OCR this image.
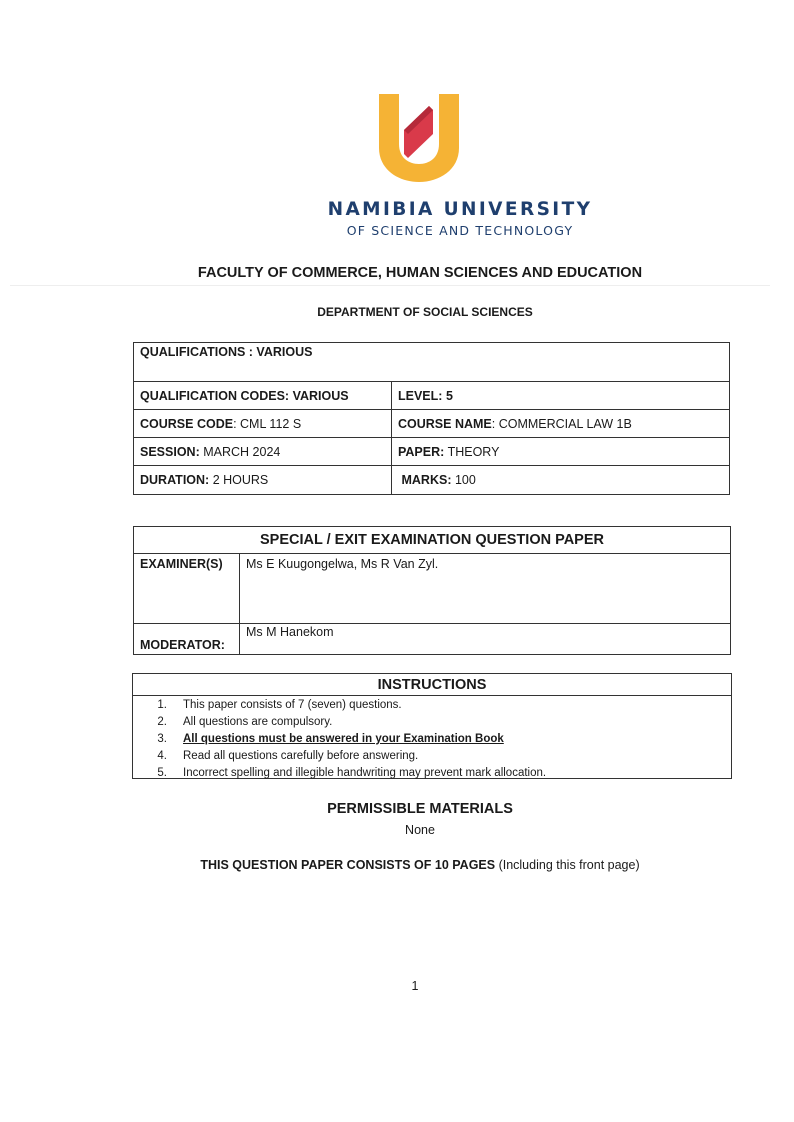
NAMIBIA UNIVERSITY
OF SCIENCE AND TECHNOLOGY
FACULTY OF COMMERCE, HUMAN SCIENCES AND EDUCATION
DEPARTMENT OF SOCIAL SCIENCES
QUALIFICATIONS : VARIOUS	
QUALIFICATION CODES: VARIOUS	LEVEL: 5
COURSE CODE: CML 112 S	COURSE NAME: COMMERCIAL LAW 1B
SESSION: MARCH 2024	PAPER: THEORY
DURATION: 2 HOURS	MARKS: 100
SPECIAL / EXIT EXAMINATION QUESTION PAPER	
EXAMINER(S)	Ms E Kuugongelwa, Ms R Van Zyl.
MODERATOR:	Ms M Hanekom
INSTRUCTIONS
1.	This paper consists of 7 (seven) questions.
2.	All questions are compulsory.
3.	All questions must be answered in your Examination Book
4.	Read all questions carefully before answering.
5.	Incorrect spelling and illegible handwriting may prevent mark allocation.
PERMISSIBLE MATERIALS
None
THIS QUESTION PAPER CONSISTS OF 10 PAGES (Including this front page)
1
